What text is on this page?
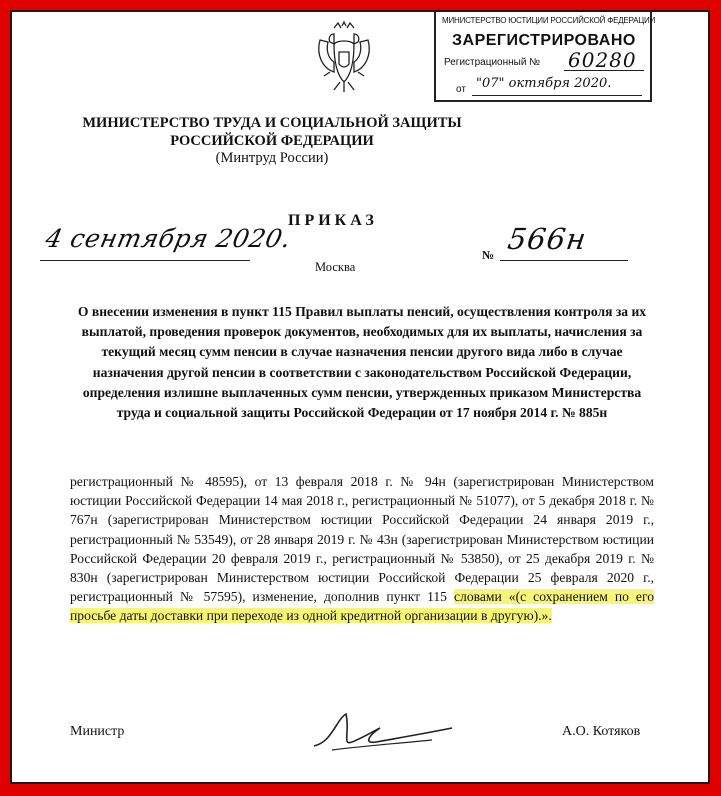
МИНИСТЕРСТВО ЮСТИЦИИ РОССИЙСКОЙ ФЕДЕРАЦИИ
ЗАРЕГИСТРИРОВАНО
Регистрационный № 60280
от "07" октября 2020.
МИНИСТЕРСТВО ТРУДА И СОЦИАЛЬНОЙ ЗАЩИТЫ
РОССИЙСКОЙ ФЕДЕРАЦИИ
(Минтруд России)
ПРИКАЗ
4 сентября 2020.
Москва
№ 566н
О внесении изменения в пункт 115 Правил выплаты пенсий, осуществления контроля за их выплатой, проведения проверок документов, необходимых для их выплаты, начисления за текущий месяц сумм пенсии в случае назначения пенсии другого вида либо в случае назначения другой пенсии в соответствии с законодательством Российской Федерации, определения излишне выплаченных сумм пенсии, утвержденных приказом Министерства труда и социальной защиты Российской Федерации от 17 ноября 2014 г. № 885н
регистрационный № 48595), от 13 февраля 2018 г. № 94н (зарегистрирован Министерством юстиции Российской Федерации 14 мая 2018 г., регистрационный № 51077), от 5 декабря 2018 г. № 767н (зарегистрирован Министерством юстиции Российской Федерации 24 января 2019 г., регистрационный № 53549), от 28 января 2019 г. № 43н (зарегистрирован Министерством юстиции Российской Федерации 20 февраля 2019 г., регистрационный № 53850), от 25 декабря 2019 г. № 830н (зарегистрирован Министерством юстиции Российской Федерации 25 февраля 2020 г., регистрационный № 57595), изменение, дополнив пункт 115 словами «(с сохранением по его просьбе даты доставки при переходе из одной кредитной организации в другую).».
Министр	А.О. Котяков
